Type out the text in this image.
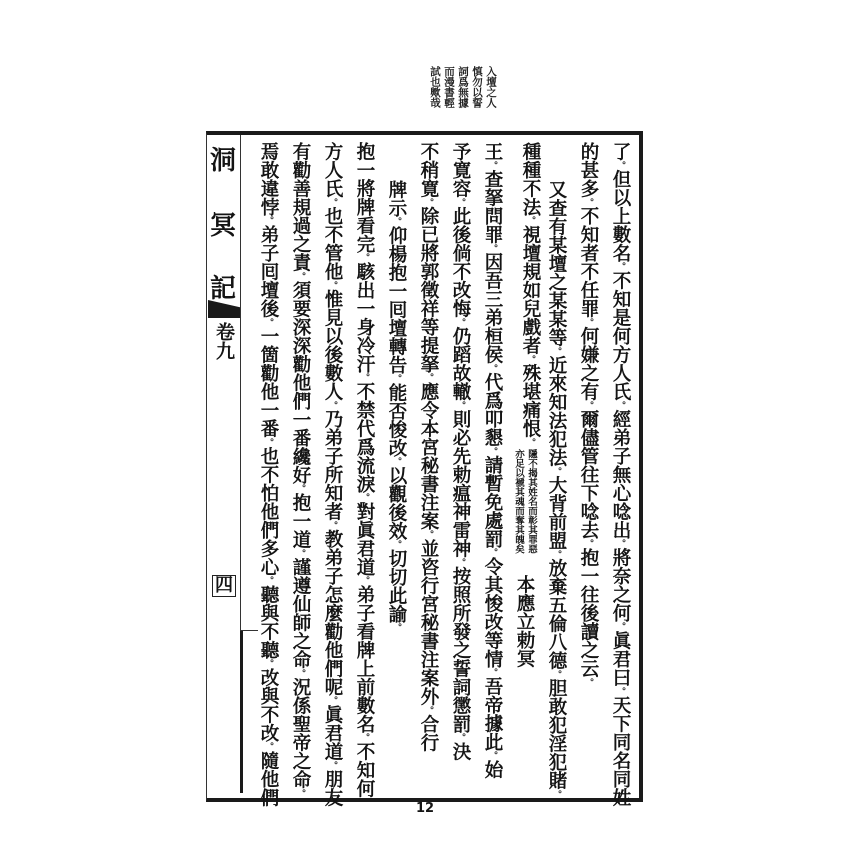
入壇之人
慎勿以誓
詞爲無據
而漫書輕
試也歟哉
洞
冥
記
卷九
四
了。但以上數名。不知是何方人氏。經弟子無心唸出。將奈之何。眞君曰。天下同名同姓
的甚多。不知者不任罪。何嫌之有。爾儘管往下唸去。抱一往後讀之云。
又查有某壇之某某等。近來知法犯法。大背前盟。放棄五倫八德。胆敢犯淫犯賭。
種種不法。視壇規如兒戲者。殊堪痛恨。
隱不揭其姓名而彰其罪惡
亦足以褫其魂而奪其魄矣
本應立勅冥
王。查拏問罪。因吾三弟桓侯。代爲叩懇。請暫免處罰。令其悛改等情。吾帝據此。始
予寛容。此後倘不改悔。仍蹈故轍。則必先勅瘟神雷神。按照所發之誓詞懲罰。決
不稍寛。除已將郭徵祥等提拏。應令本宮秘書注案。並咨行宮秘書注案外。合行
牌示。仰楊抱一囘壇轉告。能否悛改。以觀後效。切切此諭。
抱一將牌看完。駭出一身冷汗。不禁代爲流淚。對眞君道。弟子看牌上前數名。不知何
方人氏。也不管他。惟見以後數人。乃弟子所知者。教弟子怎麼勸他們呢。眞君道。朋友
有勸善規過之責。須要深深勸他們一番纔好。抱一道。謹遵仙師之命。況係聖帝之命。
焉敢違悖。弟子囘壇後。一箇勸他一番。也不怕他們多心。聽與不聽。改與不改。隨他們
12
